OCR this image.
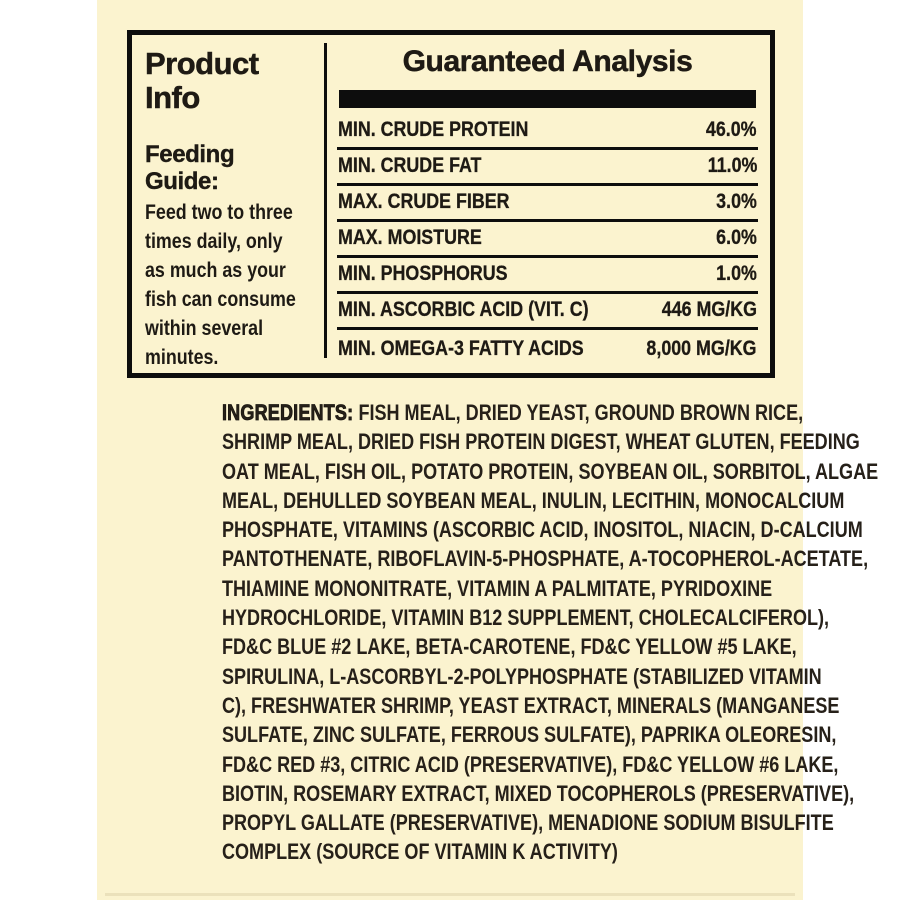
Product Info
Feeding
Guide:
Feed two to three
times daily, only
as much as your
fish can consume
within several
minutes.
Guaranteed Analysis
MIN. CRUDE PROTEIN	46.0%
MIN. CRUDE FAT	11.0%
MAX. CRUDE FIBER	3.0%
MAX. MOISTURE	6.0%
MIN. PHOSPHORUS	1.0%
MIN. ASCORBIC ACID (VIT. C)	446 MG/KG
MIN. OMEGA-3 FATTY ACIDS	8,000 MG/KG
INGREDIENTS: FISH MEAL, DRIED YEAST, GROUND BROWN RICE,
SHRIMP MEAL, DRIED FISH PROTEIN DIGEST, WHEAT GLUTEN, FEEDING
OAT MEAL, FISH OIL, POTATO PROTEIN, SOYBEAN OIL, SORBITOL, ALGAE
MEAL, DEHULLED SOYBEAN MEAL, INULIN, LECITHIN, MONOCALCIUM
PHOSPHATE, VITAMINS (ASCORBIC ACID, INOSITOL, NIACIN, D-CALCIUM
PANTOTHENATE, RIBOFLAVIN-5-PHOSPHATE, A-TOCOPHEROL-ACETATE,
THIAMINE MONONITRATE, VITAMIN A PALMITATE, PYRIDOXINE
HYDROCHLORIDE, VITAMIN B12 SUPPLEMENT, CHOLECALCIFEROL),
FD&C BLUE #2 LAKE, BETA-CAROTENE, FD&C YELLOW #5 LAKE,
SPIRULINA, L-ASCORBYL-2-POLYPHOSPHATE (STABILIZED VITAMIN
C), FRESHWATER SHRIMP, YEAST EXTRACT, MINERALS (MANGANESE
SULFATE, ZINC SULFATE, FERROUS SULFATE), PAPRIKA OLEORESIN,
FD&C RED #3, CITRIC ACID (PRESERVATIVE), FD&C YELLOW #6 LAKE,
BIOTIN, ROSEMARY EXTRACT, MIXED TOCOPHEROLS (PRESERVATIVE),
PROPYL GALLATE (PRESERVATIVE), MENADIONE SODIUM BISULFITE
COMPLEX (SOURCE OF VITAMIN K ACTIVITY)
